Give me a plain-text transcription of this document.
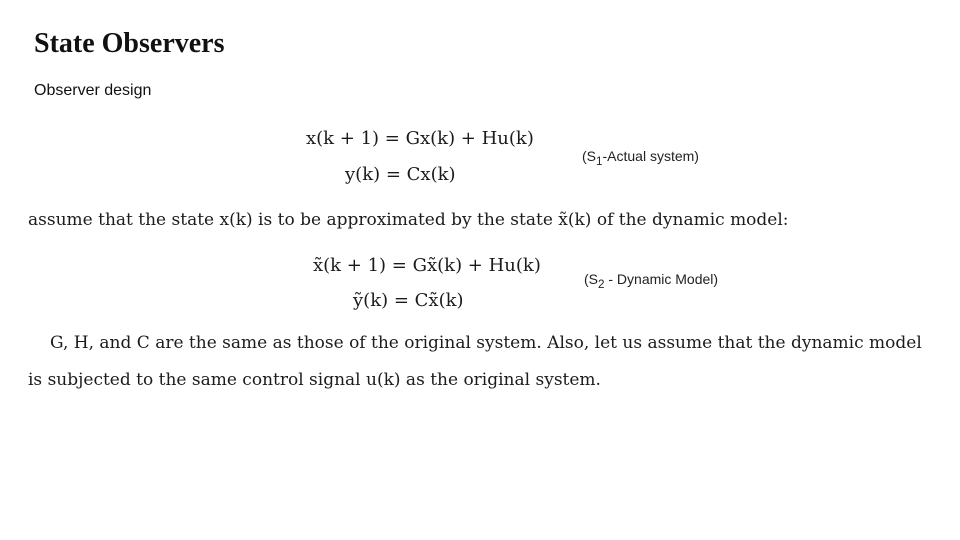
State Observers
Observer design
x(k + 1) = Gx(k) + Hu(k)
y(k) = Cx(k)
($S_1$-Actual system)
assume that the state x(k) is to be approximated by the state x̃(k) of the dynamic model:
x̃(k + 1) = Gx̃(k) + Hu(k)
ỹ(k) = Cx̃(k)
($S_2$ - Dynamic Model)
G, H, and C are the same as those of the original system. Also, let us assume that the dynamic model
is subjected to the same control signal u(k) as the original system.
